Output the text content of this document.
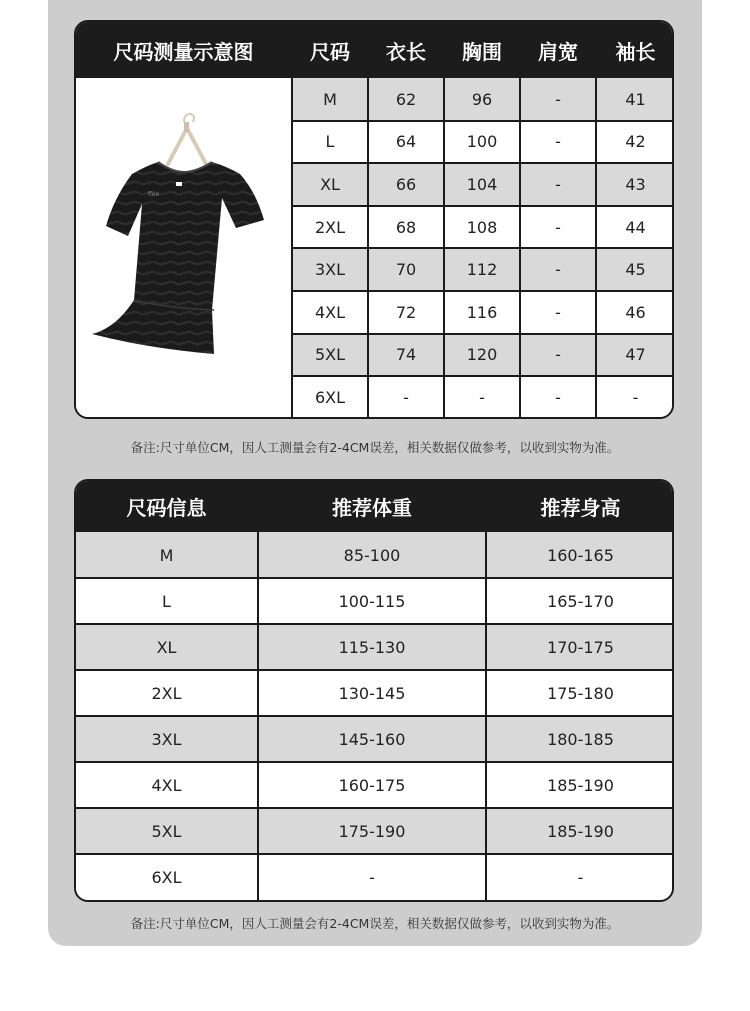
尺码测量示意图	尺码	衣长	胸围	肩宽	袖长
flee
M	62	96	-	41
L	64	100	-	42
XL	66	104	-	43
2XL	68	108	-	44
3XL	70	112	-	45
4XL	72	116	-	46
5XL	74	120	-	47
6XL	-	-	-	-
备注:尺寸单位CM，因人工测量会有2-4CM误差，相关数据仅做参考，以收到实物为准。
尺码信息	推荐体重	推荐身高
M	85-100	160-165
L	100-115	165-170
XL	115-130	170-175
2XL	130-145	175-180
3XL	145-160	180-185
4XL	160-175	185-190
5XL	175-190	185-190
6XL	-	-
备注:尺寸单位CM，因人工测量会有2-4CM误差，相关数据仅做参考，以收到实物为准。
